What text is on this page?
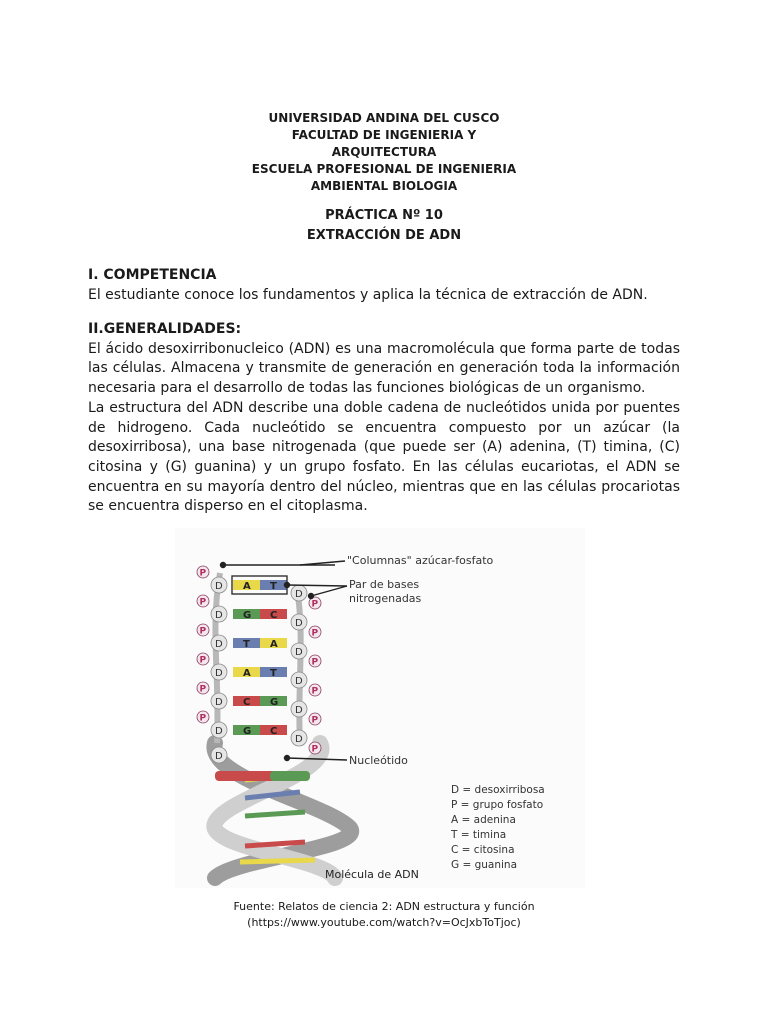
UNIVERSIDAD ANDINA DEL CUSCO
FACULTAD DE INGENIERIA Y
ARQUITECTURA
ESCUELA PROFESIONAL DE INGENIERIA
AMBIENTAL BIOLOGIA
PRÁCTICA Nº 10
EXTRACCIÓN DE ADN
I. COMPETENCIA

El estudiante conoce los fundamentos y aplica la técnica de extracción de ADN.

II.GENERALIDADES:

El ácido desoxirribonucleico (ADN) es una macromolécula que forma parte de todas las células. Almacena y transmite de generación en generación toda la información necesaria para el desarrollo de todas las funciones biológicas de un organismo.

La estructura del ADN describe una doble cadena de nucleótidos unida por puentes de hidrogeno. Cada nucleótido se encuentra compuesto por un azúcar (la desoxirribosa), una base nitrogenada (que puede ser (A) adenina, (T) timina, (C) citosina y (G) guanina) y un grupo fosfato. En las células eucariotas, el ADN se encuentra en su mayoría dentro del núcleo, mientras que en las células procariotas se encuentra disperso en el citoplasma.

A T
D
D
P
P
G C
D
D
P
P
T A
D
D
P
P
A T
D
D
P
P
C G
D
D
P
P
G C
D
D
P
P
D
"Columnas" azúcar-fosfato
Par de bases
nitrogenadas
Nucleótido
D = desoxirribosa
P = grupo fosfato
A = adenina
T = timina
C = citosina
G = guanina
Molécula de ADN
Fuente: Relatos de ciencia 2: ADN estructura y función
(https://www.youtube.com/watch?v=OcJxbToTjoc)
